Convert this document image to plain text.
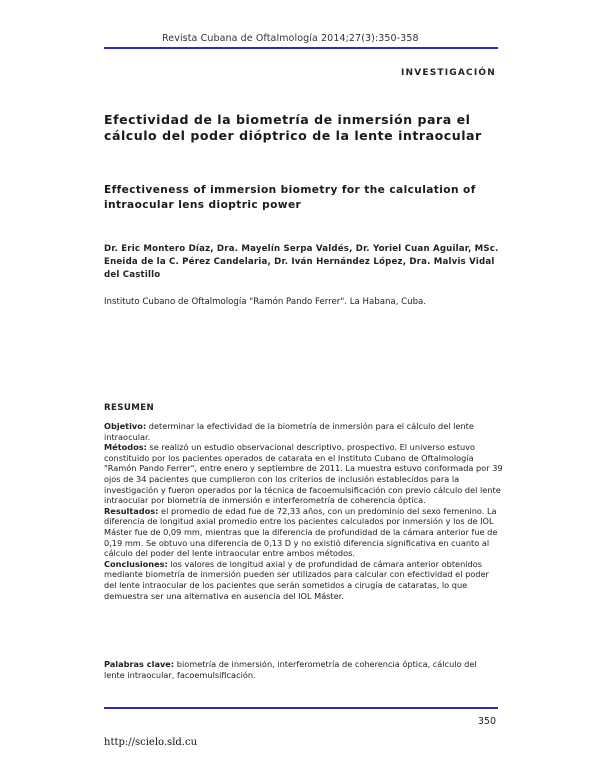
Revista Cubana de Oftalmología 2014;27(3):350-358
INVESTIGACIÓN
Efectividad de la biometría de inmersión para el cálculo del poder dióptrico de la lente intraocular
Effectiveness of immersion biometry for the calculation of intraocular lens dioptric power
Dr. Eric Montero Díaz, Dra. Mayelín Serpa Valdés, Dr. Yoriel Cuan Aguilar, MSc. Eneida de la C. Pérez Candelaria, Dr. Iván Hernández López, Dra. Malvis Vidal del Castillo
Instituto Cubano de Oftalmología "Ramón Pando Ferrer". La Habana, Cuba.
RESUMEN

Objetivo: determinar la efectividad de la biometría de inmersión para el cálculo del lente intraocular.

Métodos: se realizó un estudio observacional descriptivo, prospectivo. El universo estuvo constituido por los pacientes operados de catarata en el Instituto Cubano de Oftalmología "Ramón Pando Ferrer", entre enero y septiembre de 2011. La muestra estuvo conformada por 39 ojos de 34 pacientes que cumplieron con los criterios de inclusión establecidos para la investigación y fueron operados por la técnica de facoemulsificación con previo cálculo del lente intraocular por biometría de inmersión e interferometría de coherencia óptica.

Resultados: el promedio de edad fue de 72,33 años, con un predominio del sexo femenino. La diferencia de longitud axial promedio entre los pacientes calculados por inmersión y los de IOL Máster fue de 0,09 mm, mientras que la diferencia de profundidad de la cámara anterior fue de 0,19 mm. Se obtuvo una diferencia de 0,13 D y no existió diferencia significativa en cuanto al cálculo del poder del lente intraocular entre ambos métodos.

Conclusiones: los valores de longitud axial y de profundidad de cámara anterior obtenidos mediante biometría de inmersión pueden ser utilizados para calcular con efectividad el poder del lente intraocular de los pacientes que serán sometidos a cirugía de cataratas, lo que demuestra ser una alternativa en ausencia del IOL Máster.

Palabras clave: biometría de inmersión, interferometría de coherencia óptica, cálculo del lente intraocular, facoemulsificación.
350
http://scielo.sld.cu
